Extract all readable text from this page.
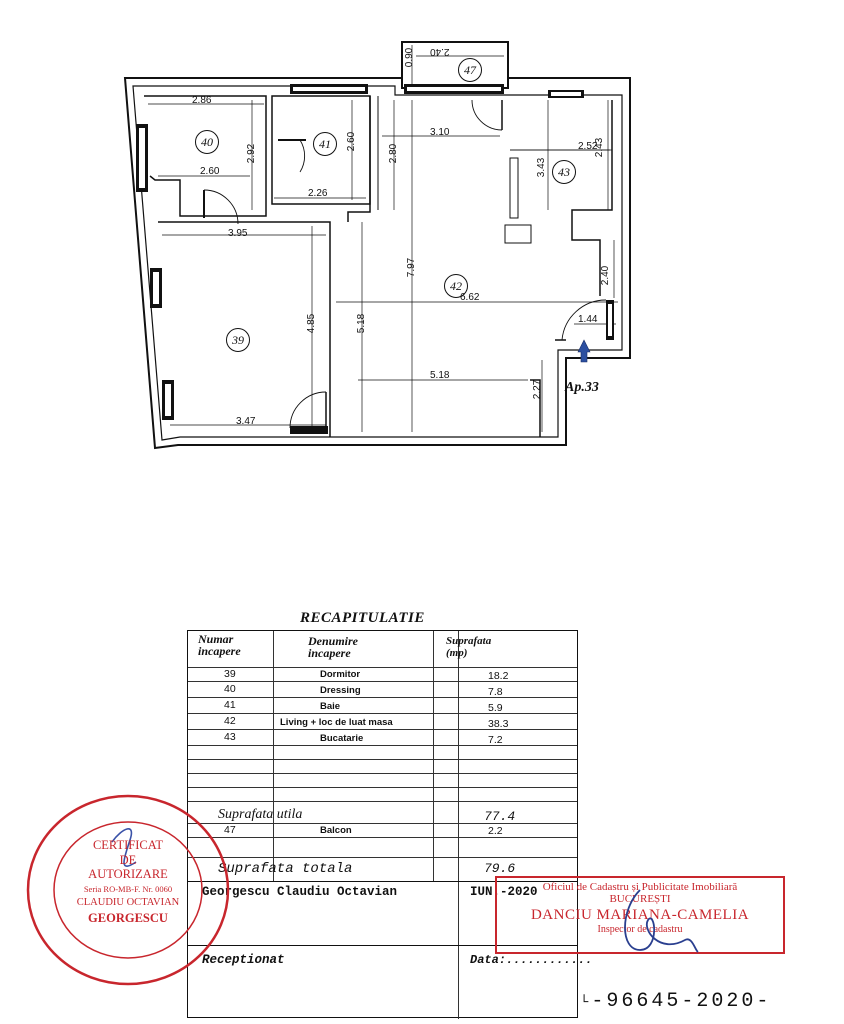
2.86
2.92
2.60
2.60
2.26
3.95
4.85	5.18
7.97
2.80
3.10
3.43
2.52
2.43
6.62
2.40
1.44
5.18
2.27
3.47
0.90 2.40
40	41
39
42
43
47
Ap.33
RECAPITULATIE
Numar
incapere
Denumire
incapere
Suprafata
(mp)
39	Dormitor	18.2
40	Dressing	7.8
41	Baie	5.9
42	Living + loc de luat masa	38.3
43	Bucatarie	7.2
Suprafata utila	77.4
47	Balcon	2.2
Suprafata totala	79.6
Georgescu Claudiu Octavian	IUN.-2020
Receptionat	Data:............
CERTIFICAT
DE
AUTORIZARE
Seria RO-MB-F. Nr. 0060
CLAUDIU OCTAVIAN
GEORGESCU
Oficiul de Cadastru și Publicitate Imobiliară
BUCUREȘTI
DANCIU MARIANA-CAMELIA
Inspector de cadastru
└-96645-2020-
